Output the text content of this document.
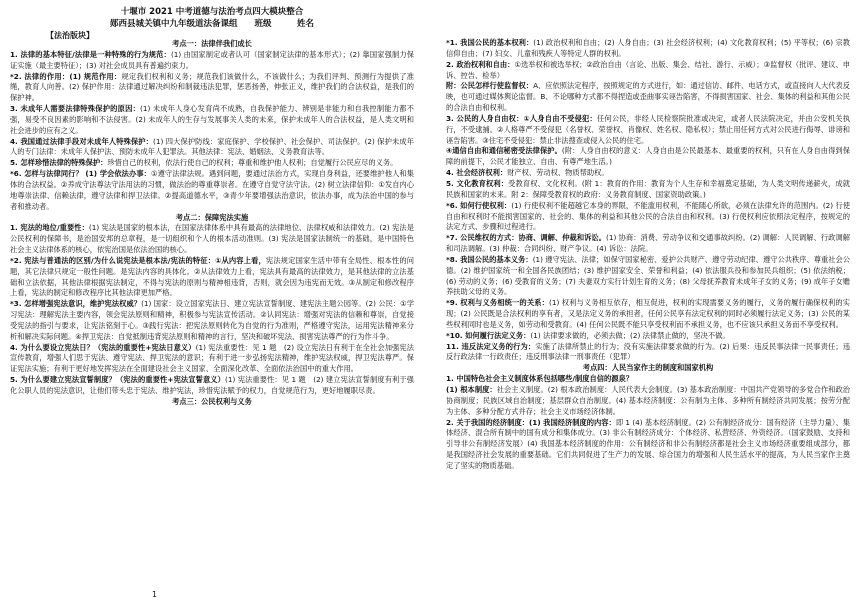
十堰市 2021 中考道德与法治考点四大模块整合
郧西县城关镇中九年级道法备课组　　班级　　　姓名
【法治版块】
考点一：法律伴我们成长
1. 法律的基本特征/法律是一种特殊的行为规范：(1) 由国家制定或者认可（国家制定法律的基本形式）；(2) 靠国家强制力保证实施（最主要特征）；(3) 对社会成员具有普遍约束力。
*2. 法律的作用：(1) 规范作用：规定我们权利和义务；规范我们该做什么，不该做什么；为我们评判、预测行为提供了准绳，教育人向善。(2) 保护作用：法律通过解决纠纷和制裁违法犯罪，惩恶扬善，伸张正义，维护我们的合法权益，是我们的保护神。
3. 未成年人需要法律特殊保护的原因：(1) 未成年人身心发育尚不成熟，自我保护能力、辨别是非能力和自我控制能力都不强，易受不良因素的影响和不法侵害。(2) 未成年人的生存与发展事关人类的未来，保护未成年人的合法权益，是人类文明和社会进步的应有之义。
4. 我国通过法律手段对未成年人特殊保护：(1) 四大保护防线：家庭保护、学校保护、社会保护、司法保护。(2) 保护未成年人的专门法律：未成年人保护法、预防未成年人犯罪法。其他法律：宪法、婚姻法、义务教育法等。
5. 怎样珍惜法律的特殊保护：珍惜自己的权利，依法行使自己的权利；尊重和维护他人权利；自觉履行公民应尽的义务。
*6. 怎样与法律同行？ (1) 学会依法办事：①遵守法律法规。遇到问题，要通过法治方式，实现自身利益，还要维护他人和集体的合法权益。②养成守法尊法守法用法的习惯，做法治的尊重尊崇者。在遵守自觉守法守法。(2) 树立法律信仰：①发自内心地尊崇法律、信赖法律，遵守法律和捍卫法律。②提高道德水平，③青少年要增强法治意识，依法办事，成为法治中国的参与者和推动者。
考点二：保障宪法实施
1. 宪法的地位/重要性：(1) 宪法是国家的根本法，在国家法律体系中具有最高的法律地位、法律权威和法律效力。(2) 宪法是公民权利的保障书，是治国安邦的总章程，是一切组织和个人的根本活动准则。(3) 宪法是国家法制统一的基础，是中国特色社会主义法律体系的核心，依宪治国是依法治国的核心。
*2. 宪法与普通法的区别/为什么说宪法是根本法/宪法的特征：①从内容上看，宪法规定国家生活中带有全局性、根本性的问题，其它法律只规定一般性问题。是宪法内容的具体化。②从法律效力上看，宪法具有最高的法律效力，是其他法律的立法基础和立法依据，其他法律根据宪法制定，不得与宪法的原则与精神相违背，否则，就会因为违宪而无效。③从制定和修改程序上看，宪法的制定和修改程序比其他法律更加严格。
*3. 怎样增强宪法意识，维护宪法权威？(1) 国家：设立国家宪法日、建立宪法宣誓制度、建宪法主题公园等。(2) 公民：①学习宪法：理解宪法主要内容，领会宪法原则和精神，积极参与宪法宣传活动。②认同宪法：增强对宪法的信赖和尊崇，自觉接受宪法的指引与要求，让宪法铭刻于心。③践行宪法：把宪法原则转化为自觉的行为准则，严格遵守宪法，运用宪法精神来分析和解决实际问题。④捍卫宪法：自觉抵制违背宪法原则和精神的言行，坚决和破坏宪法、损害宪法尊严的行为作斗争。
4. 为什么要设立宪法日？（宪法的重要性+宪法日意义）(1) 宪法重要性：见 1 题　(2) 设立宪法日有利于在全社会加强宪法宣传教育，增强人们思于宪法、遵守宪法、捍卫宪法的意识；有利于进一步弘扬宪法精神，维护宪法权威，捍卫宪法尊严。保证宪法实施；有利于更好地发挥宪法在全面建设社会主义国家、全面深化改革、全面依法治国中的重大作用。
5. 为什么要建立宪法宣誓制度？（宪法的重要性+宪法宣誓意义）(1) 宪法重要性：见 1 题　(2) 建立宪法宣誓制度有利于强化公职人员的宪法意识，让他们带头忠于宪法、维护宪法，珍惜宪法赋予的权力，自觉规范行为，更好地履职尽责。
考点三：公民权利与义务
*1. 我国公民的基本权利：(1) 政治权利和自由；(2) 人身自由；(3) 社会经济权利；(4) 文化教育权利；(5) 平等权；(6) 宗教信仰自由；(7) 妇女、儿童和残疾人等特定人群的权利。
2. 政治权利和自由：①选举权和被选举权；②政治自由（言论、出版、集会、结社、游行、示威）；③监督权（批评、建议、申诉、控告、检举）
附：公民怎样行使监督权：A、应依照法定程序，按照规定的方式进行，如：通过信访、邮件、电话方式，或直接向人大代表反映，也可通过媒体舆论监督。B、不论哪种方式都不得捏造或歪曲事实诬告陷害，不得损害国家、社会、集体的利益和其他公民的合法自由和权利。
3. 公民的人身自由权：①人身自由不受侵犯：任何公民，非经人民检察院批准或决定，或者人民法院决定，并由公安机关执行，不受逮捕。②人格尊严不受侵犯（名誉权、荣誉权、肖像权、姓名权、隐私权）；禁止用任何方式对公民进行侮辱、诽谤和诬告陷害。③住宅不受侵犯：禁止非法搜查或侵入公民的住宅。
④通信自由和通信秘密受法律保护。(附：人身自由权的意义：人身自由是公民最基本、最重要的权利，只有在人身自由得到保障的前提下，公民才能独立、自由、有尊严地生活。)
4. 社会经济权利：财产权、劳动权、物质帮助权。
5. 文化教育权利：受教育权、文化权利。(附 1：教育的作用：教育为个人生存和幸福奠定基础，为人类文明传递薪火，成就民族和国家的未来。附 2：保障受教育权的政府：义务教育制度、国家资助政策。)
*6. 如何行使权利：(1) 行使权利不能超越它本身的界限，不能滥用权利，不能随心所欲，必须在法律允许的范围内。(2) 行使自由和权利时不能损害国家的、社会的、集体的利益和其他公民的合法自由和权利。(3) 行使权利应依照法定程序，按规定的法定方式、步骤和过程进行。
*7. 公民维权的方式：协商、调解、仲裁和诉讼。(1) 协商：消费、劳动争议和交通事故纠纷。(2) 调解：人民调解、行政调解和司法调解。(3) 仲裁：合同纠纷、财产争议。(4) 诉讼：法院。
*8. 我国公民的基本义务：(1) 遵守宪法、法律；如保守国家秘密、爱护公共财产、遵守劳动纪律、遵守公共秩序、尊重社会公德。(2) 维护国家统一和全国各民族团结；(3) 维护国家安全、荣誉和利益；(4) 依法服兵役和参加民兵组织；(5) 依法纳税；(6) 劳动的义务；(6) 受教育的义务；(7) 夫妻双方实行计划生育的义务；(8) 父母抚养教育未成年子女的义务；(9) 成年子女赡养扶助父母的义务。
*9. 权利与义务相统一的关系：(1) 权利与义务相互依存，相互促进，权利的实现需要义务的履行，义务的履行确保权利的实现；(2) 公民既是合法权利的享有者，又是法定义务的承担者，任何公民享有法定权利的同时必须履行法定义务；(3) 公民的某些权利同时也是义务，如劳动和受教育。(4) 任何公民既不能只享受权利而不承担义务，也不应该只承担义务而不享受权利。
*10. 如何履行法定义务：(1) 法律要求做的，必须去做；(2) 法律禁止做的，坚决不做。
11. 违反法定义务的行为：实施了法律所禁止的行为；没有实施法律要求做的行为。(2) 后果：违反民事法律一民事责任；违反行政法律一行政责任；违反刑事法律一刑事责任（犯罪）
考点四：人民当家作主的制度和国家机构
1. 中国特色社会主义制度体系包括哪些/制度自信的源泉？
(1) 根本制度：社会主义制度。(2) 根本政治制度：人民代表大会制度。(3) 基本政治制度：中国共产党领导的多党合作和政治协商制度；民族区域自治制度；基层群众自治制度。(4) 基本经济制度：公有制为主体、多种所有制经济共同发展；按劳分配为主体、多种分配方式并存；社会主义市场经济体制。
2. 关于我国的经济制度：(1) 我国经济制度的内容：即 1 (4) 基本经济制度。(2) 公有制经济成分：国有经济（主导力量）、集体经济、混合所有制中的国有成分和集体成分。(3) 非公有制经济成分：个体经济、私营经济、外资经济。（国家鼓励、支持和引导非公有制经济发展）(4) 我国基本经济制度的作用：公有制经济和非公有制经济都是社会主义市场经济重要组成部分，都是我国经济社会发展的重要基础。它们共同促进了生产力的发展、综合国力的增强和人民生活水平的提高，为人民当家作主奠定了坚实的物质基础。
1
